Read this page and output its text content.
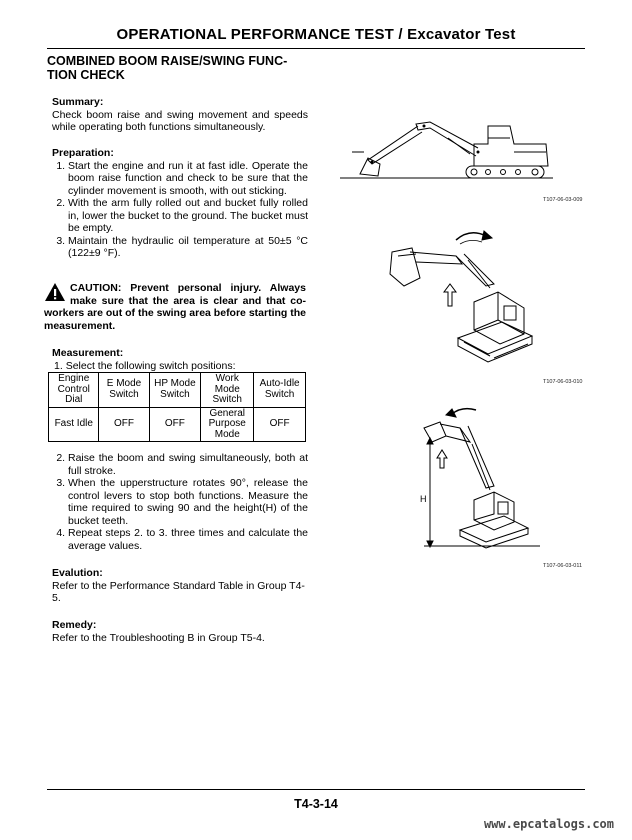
OPERATIONAL PERFORMANCE TEST / Excavator Test
COMBINED BOOM RAISE/SWING FUNC-TION CHECK
Summary:
Check boom raise and swing movement and speeds while operating both functions simultaneously.
Preparation:
1. Start the engine and run it at fast idle. Operate the boom raise function and check to be sure that the cylinder movement is smooth, with out sticking.
2. With the arm fully rolled out and bucket fully rolled in, lower the bucket to the ground. The bucket must be empty.
3. Maintain the hydraulic oil temperature at 50±5 °C (122±9 °F).
CAUTION: Prevent personal injury. Always make sure that the area is clear and that co-workers are out of the swing area before starting the measurement.
Measurement:
1. Select the following switch positions:
Engine Control Dial	E Mode Switch	HP Mode Switch	Work Mode Switch	Auto-Idle Switch
Fast Idle	OFF	OFF	General Purpose Mode	OFF
2. Raise the boom and swing simultaneously, both at full stroke.
3. When the upperstructure rotates 90°, release the control levers to stop both functions. Measure the time required to swing 90 and the height(H) of the bucket teeth.
4. Repeat steps 2. to 3. three times and calculate the average values.
Evalution:
Refer to the Performance Standard Table in Group T4-5.
Remedy:
Refer to the Troubleshooting B in Group T5-4.
T107-06-03-009
T107-06-03-010
H
T107-06-03-011
T4-3-14
www.epcatalogs.com
